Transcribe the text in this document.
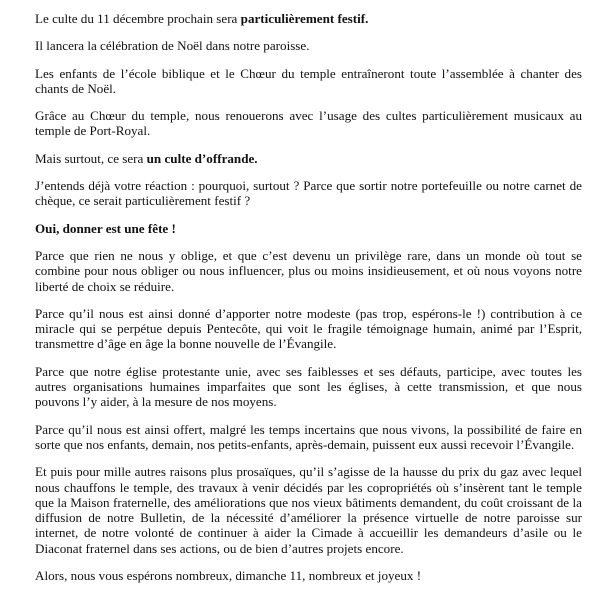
Le culte du 11 décembre prochain sera particulièrement festif.

Il lancera la célébration de Noël dans notre paroisse.

Les enfants de l’école biblique et le Chœur du temple entraîneront toute l’assemblée à chanter des chants de Noël.

Grâce au Chœur du temple, nous renouerons avec l’usage des cultes particulièrement musicaux au temple de Port-Royal.

Mais surtout, ce sera un culte d’offrande.

J’entends déjà votre réaction : pourquoi, surtout ? Parce que sortir notre portefeuille ou notre carnet de chèque, ce serait particulièrement festif ?

Oui, donner est une fête !

Parce que rien ne nous y oblige, et que c’est devenu un privilège rare, dans un monde où tout se combine pour nous obliger ou nous influencer, plus ou moins insidieusement, et où nous voyons notre liberté de choix se réduire.

Parce qu’il nous est ainsi donné d’apporter notre modeste (pas trop, espérons-le !) contribution à ce miracle qui se perpétue depuis Pentecôte, qui voit le fragile témoignage humain, animé par l’Esprit, transmettre d’âge en âge la bonne nouvelle de l’Évangile.

Parce que notre église protestante unie, avec ses faiblesses et ses défauts, participe, avec toutes les autres organisations humaines imparfaites que sont les églises, à cette transmission, et que nous pouvons l’y aider, à la mesure de nos moyens.

Parce qu’il nous est ainsi offert, malgré les temps incertains que nous vivons, la possibilité de faire en sorte que nos enfants, demain, nos petits-enfants, après-demain, puissent eux aussi recevoir l’Évangile.

Et puis pour mille autres raisons plus prosaïques, qu’il s’agisse de la hausse du prix du gaz avec lequel nous chauffons le temple, des travaux à venir décidés par les copropriétés où s’insèrent tant le temple que la Maison fraternelle, des améliorations que nos vieux bâtiments demandent, du coût croissant de la diffusion de notre Bulletin, de la nécessité d’améliorer la présence virtuelle de notre paroisse sur internet, de notre volonté de continuer à aider la Cimade à accueillir les demandeurs d’asile ou le Diaconat fraternel dans ses actions, ou de bien d’autres projets encore.

Alors, nous vous espérons nombreux, dimanche 11, nombreux et joyeux !
